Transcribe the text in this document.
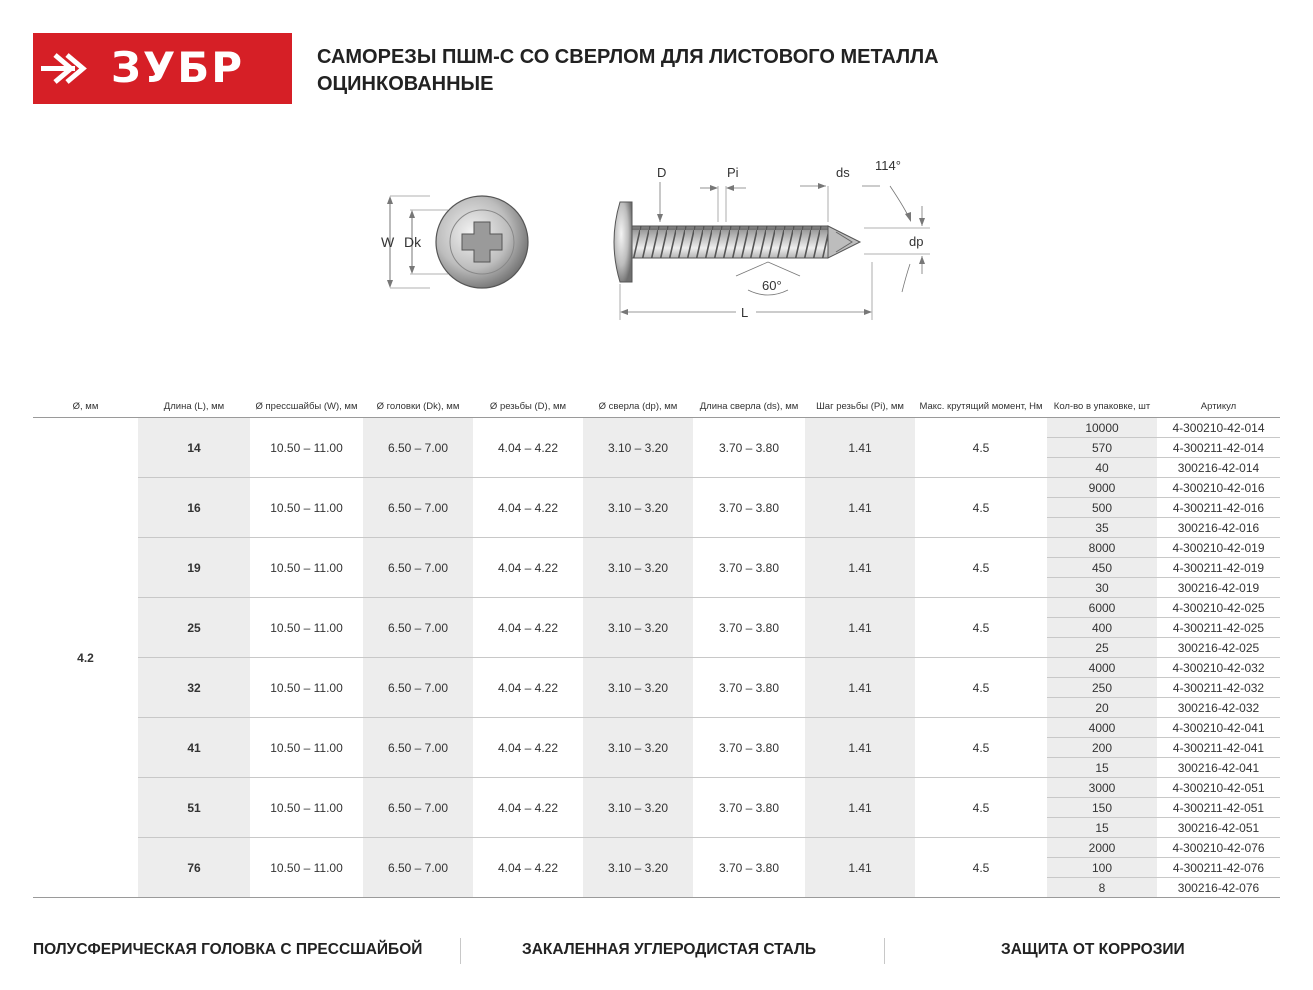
ЗУБР	САМОРЕЗЫ ПШМ-С СО СВЕРЛОМ ДЛЯ ЛИСТОВОГО МЕТАЛЛА
ОЦИНКОВАННЫЕ
W Dk
D	Pi	ds 114°
dp
60°
L
Ø, мм	Длина (L), мм	Ø прессшайбы (W), мм	Ø головки (Dk), мм	Ø резьбы (D), мм	Ø сверла (dp), мм	Длина сверла (ds), мм	Шаг резьбы (Pi), мм	Макс. крутящий момент, Нм	Кол-во в упаковке, шт	Артикул
4.2	14	10.50 – 11.00	6.50 – 7.00	4.04 – 4.22	3.10 – 3.20	3.70 – 3.80	1.41	4.5	10000	4-300210-42-014
									570	4-300211-42-014
									40	300216-42-014
	16	10.50 – 11.00	6.50 – 7.00	4.04 – 4.22	3.10 – 3.20	3.70 – 3.80	1.41	4.5	9000	4-300210-42-016
									500	4-300211-42-016
									35	300216-42-016
	19	10.50 – 11.00	6.50 – 7.00	4.04 – 4.22	3.10 – 3.20	3.70 – 3.80	1.41	4.5	8000	4-300210-42-019
									450	4-300211-42-019
									30	300216-42-019
	25	10.50 – 11.00	6.50 – 7.00	4.04 – 4.22	3.10 – 3.20	3.70 – 3.80	1.41	4.5	6000	4-300210-42-025
									400	4-300211-42-025
									25	300216-42-025
	32	10.50 – 11.00	6.50 – 7.00	4.04 – 4.22	3.10 – 3.20	3.70 – 3.80	1.41	4.5	4000	4-300210-42-032
									250	4-300211-42-032
									20	300216-42-032
	41	10.50 – 11.00	6.50 – 7.00	4.04 – 4.22	3.10 – 3.20	3.70 – 3.80	1.41	4.5	4000	4-300210-42-041
									200	4-300211-42-041
									15	300216-42-041
	51	10.50 – 11.00	6.50 – 7.00	4.04 – 4.22	3.10 – 3.20	3.70 – 3.80	1.41	4.5	3000	4-300210-42-051
									150	4-300211-42-051
									15	300216-42-051
	76	10.50 – 11.00	6.50 – 7.00	4.04 – 4.22	3.10 – 3.20	3.70 – 3.80	1.41	4.5	2000	4-300210-42-076
									100	4-300211-42-076
									8	300216-42-076
ПОЛУСФЕРИЧЕСКАЯ ГОЛОВКА С ПРЕССШАЙБОЙ	ЗАКАЛЕННАЯ УГЛЕРОДИСТАЯ СТАЛЬ	ЗАЩИТА ОТ КОРРОЗИИ
